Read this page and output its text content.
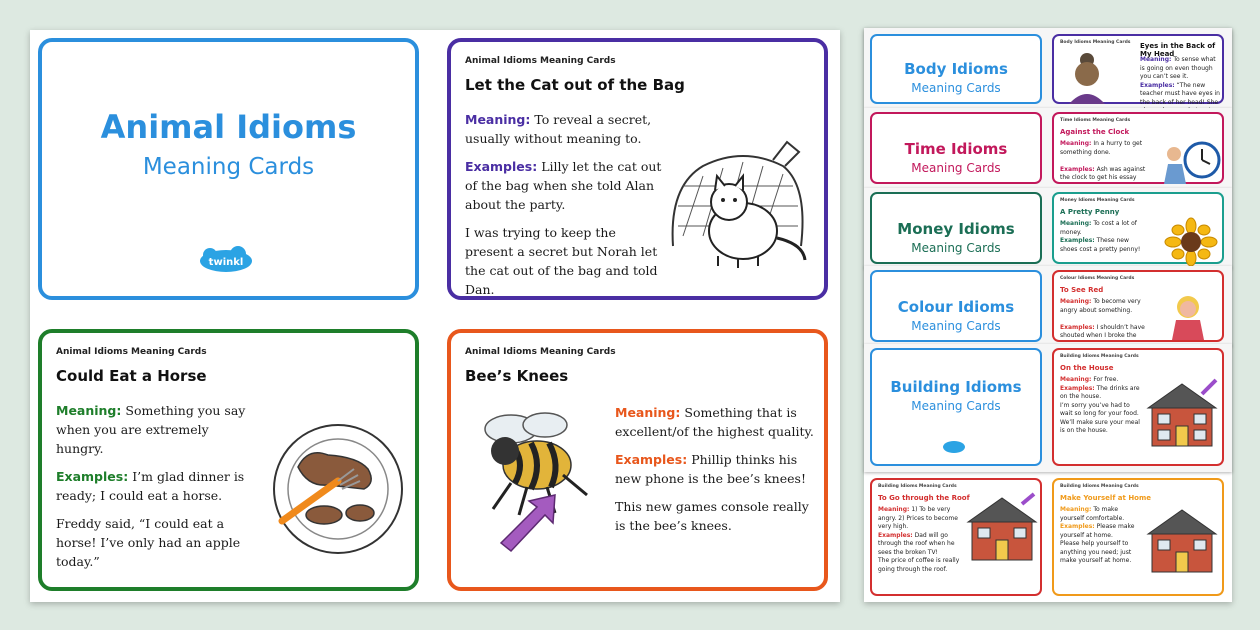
Animal Idioms
Meaning Cards
twinkl
Animal Idioms Meaning Cards
Let the Cat out of the Bag

Meaning: To reveal a secret, usually without meaning to.

Examples: Lilly let the cat out of the bag when she told Alan about the party.

I was trying to keep the present a secret but Norah let the cat out of the bag and told Dan.

Animal Idioms Meaning Cards
Could Eat a Horse

Meaning: Something you say when you are extremely hungry.

Examples: I’m glad dinner is ready; I could eat a horse.

Freddy said, “I could eat a horse! I’ve only had an apple today.”

Animal Idioms Meaning Cards
Bee’s Knees

Meaning: Something that is excellent/of the highest quality.

Examples: Phillip thinks his new phone is the bee’s knees!

This new games console really is the bee’s knees.

Body Idioms
Meaning Cards
Body Idioms Meaning Cards Eyes in the Back of My Head
Meaning: To sense what is going on even though you can’t see it.
Examples: “The new teacher must have eyes in the back of her head! She
Time Idioms
Meaning Cards
Time Idioms Meaning Cards
Against the Clock
Meaning: In a hurry to get something done.

Examples: Ash was against the clock to get his essay
Money Idioms
Meaning Cards
Money Idioms Meaning Cards
A Pretty Penny
Meaning: To cost a lot of money.
Examples: These new shoes cost a pretty penny!
Colour Idioms
Meaning Cards
Colour Idioms Meaning Cards
To See Red
Meaning: To become very angry about something.

Examples: I shouldn’t have shouted when I broke the
Building Idioms
Meaning Cards
Building Idioms Meaning Cards
On the House
Meaning: For free.
Examples: The drinks are on the house.
I’m sorry you’ve had to wait so long for your food. We’ll make sure your meal is on the house.
Building Idioms Meaning Cards
To Go through the Roof
Meaning: 1) To be very angry. 2) Prices to become very high.
Examples: Dad will go through the roof when he sees the broken TV!
The price of coffee is really going through the roof.
Building Idioms Meaning Cards
Make Yourself at Home
Meaning: To make yourself comfortable.
Examples: Please make yourself at home.
Please help yourself to anything you need; just make yourself at home.
